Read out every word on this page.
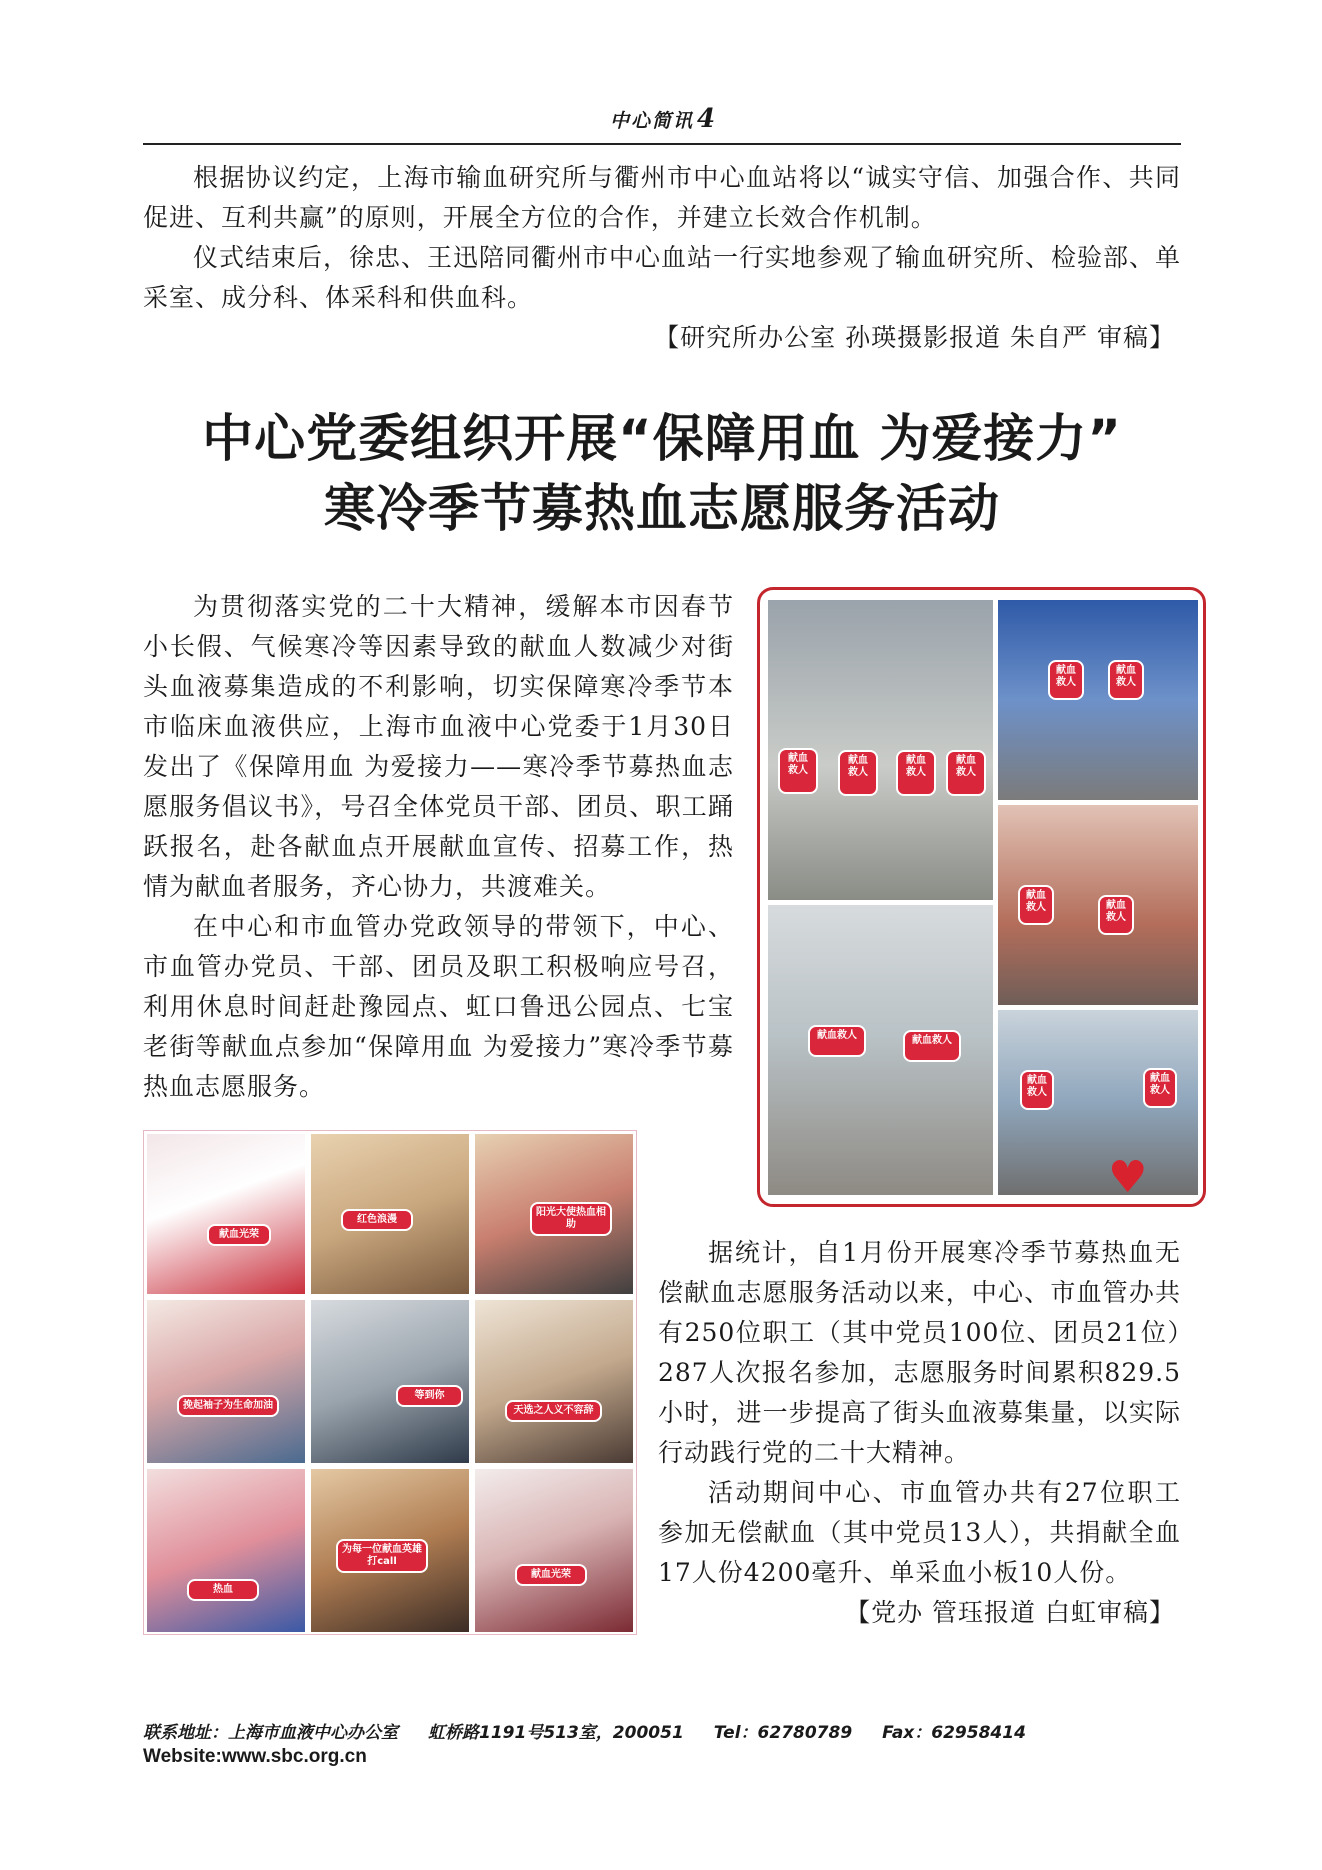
中心简讯 4

根据协议约定，上海市输血研究所与衢州市中心血站将以“诚实守信、加强合作、共同促进、互利共赢”的原则，开展全方位的合作，并建立长效合作机制。

仪式结束后，徐忠、王迅陪同衢州市中心血站一行实地参观了输血研究所、检验部、单采室、成分科、体采科和供血科。

【研究所办公室 孙瑛摄影报道 朱自严 审稿】
中心党委组织开展“保障用血 为爱接力”
寒冷季节募热血志愿服务活动

为贯彻落实党的二十大精神，缓解本市因春节小长假、气候寒冷等因素导致的献血人数减少对街头血液募集造成的不利影响，切实保障寒冷季节本市临床血液供应，上海市血液中心党委于1月30日发出了《保障用血 为爱接力——寒冷季节募热血志愿服务倡议书》，号召全体党员干部、团员、职工踊跃报名，赴各献血点开展献血宣传、招募工作，热情为献血者服务，齐心协力，共渡难关。

在中心和市血管办党政领导的带领下，中心、市血管办党员、干部、团员及职工积极响应号召，利用休息时间赶赴豫园点、虹口鲁迅公园点、七宝老街等献血点参加“保障用血 为爱接力”寒冷季节募热血志愿服务。

献血救人
献血救人
献血救人
献血救人
献血救人
献血救人
献血救人	献血救人
献血救人	献血救人
献血救人
献血救人
♥
献血光荣
红色浪漫
阳光大使热血相助
挽起袖子为生命加油
等到你
天选之人义不容辞
热血
为每一位献血英雄打call
献血光荣

据统计，自1月份开展寒冷季节募热血无偿献血志愿服务活动以来，中心、市血管办共有250位职工（其中党员100位、团员21位）287人次报名参加，志愿服务时间累积829.5小时，进一步提高了街头血液募集量，以实际行动践行党的二十大精神。

活动期间中心、市血管办共有27位职工参加无偿献血（其中党员13人），共捐献全血17人份4200毫升、单采血小板10人份。

【党办 管珏报道 白虹审稿】
联系地址：上海市血液中心办公室 虹桥路1191号513室，200051 Tel：62780789 Fax：62958414
Website:www.sbc.org.cn
